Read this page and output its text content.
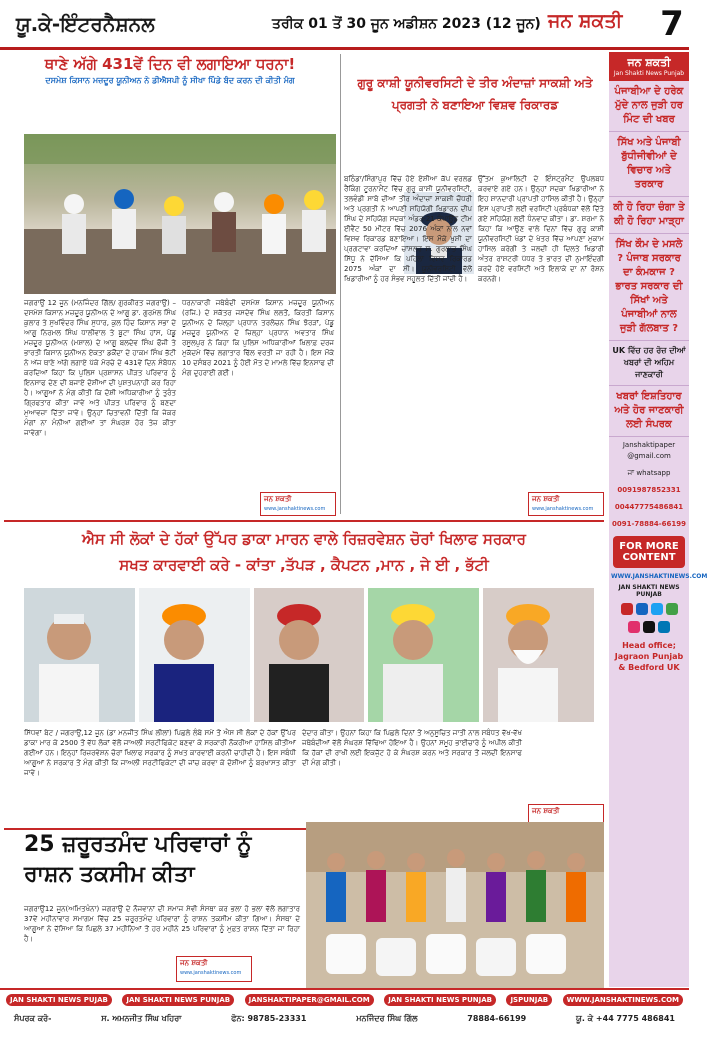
ਯੂ.ਕੇ-ਇੰਟਰਨੈਸ਼ਨਲ	ਤਰੀਕ 01 ਤੋਂ 30 ਜੂਨ ਅਡੀਸ਼ਨ 2023 (12 ਜੂਨ) ਜਨ ਸ਼ਕਤੀ 7
ਥਾਣੇ ਅੱਗੇ 431ਵੇਂ ਦਿਨ ਵੀ ਲਗਾਇਆ ਧਰਨਾ!
ਦਸਮੇਸ਼ ਕਿਸਾਨ ਮਜ਼ਦੂਰ ਯੂਨੀਅਨ ਨੇ ਡੀਐਸਪੀ ਨੂੰ ਸੀਖਾ ਪਿੰਡੇ ਬੰਦ ਕਰਨ ਦੀ ਕੀਤੀ ਮੰਗ
ਜਗਰਾਉਂ 12 ਜੂਨ (ਮਨਜਿੰਦਰ ਗਿੱਲ/ ਗੁਰਕੀਰਤ ਜਗਰਾਉਂ) – ਦਸਮੇਸ਼ ਕਿਸਾਨ ਮਜ਼ਦੂਰ ਯੂਨੀਅਨ ਦੇ ਆਗੂ ਡਾ. ਗੁਰਮੇਲ ਸਿੰਘ ਕੁਲਾਰ ਤੇ ਸੁਖਵਿੰਦਰ ਸਿੰਘ ਸੁਧਾਰ, ਕੁਲ ਹਿੰਦ ਕਿਸਾਨ ਸਭਾ ਦੇ ਆਗੂ ਨਿਰਮਲ ਸਿੰਘ ਧਾਲੀਵਾਲ ਤੇ ਬੂਟਾ ਸਿੰਘ ਹਾਂਸ, ਪੇਂਡੂ ਮਜ਼ਦੂਰ ਯੂਨੀਅਨ (ਮਸ਼ਾਲ) ਦੇ ਆਗੂ ਬਲਦੇਵ ਸਿੰਘ ਫੌਜੀ ਤੇ ਭਾਰਤੀ ਕਿਸਾਨ ਯੂਨੀਅਨ ਏਕਤਾ ਡਕੌਂਦਾ ਦੇ ਹਾਕਮ ਸਿੰਘ ਭੱਟੀ ਨੇ ਅੱਜ ਥਾਣੇ ਅੱਗੇ ਲਗਾਏ ਪੱਕੇ ਮੋਰਚੇ ਦੇ 431ਵੇਂ ਦਿਨ ਸੰਬੋਧਨ ਕਰਦਿਆਂ ਕਿਹਾ ਕਿ ਪੁਲਿਸ ਪ੍ਰਸ਼ਾਸਨ ਪੀੜਤ ਪਰਿਵਾਰ ਨੂੰ ਇਨਸਾਫ ਦੇਣ ਦੀ ਬਜਾਏ ਦੋਸ਼ੀਆਂ ਦੀ ਪੁਸ਼ਤਪਨਾਹੀ ਕਰ ਰਿਹਾ ਹੈ। ਆਗੂਆਂ ਨੇ ਮੰਗ ਕੀਤੀ ਕਿ ਦੋਸ਼ੀ ਅਧਿਕਾਰੀਆਂ ਨੂੰ ਤੁਰੰਤ ਗ੍ਰਿਫਤਾਰ ਕੀਤਾ ਜਾਵੇ ਅਤੇ ਪੀੜਤ ਪਰਿਵਾਰ ਨੂੰ ਬਣਦਾ ਮੁਆਵਜ਼ਾ ਦਿੱਤਾ ਜਾਵੇ। ਉਨ੍ਹਾਂ ਚਿਤਾਵਨੀ ਦਿੱਤੀ ਕਿ ਜੇਕਰ ਮੰਗਾਂ ਨਾ ਮੰਨੀਆਂ ਗਈਆਂ ਤਾਂ ਸੰਘਰਸ਼ ਹੋਰ ਤੇਜ਼ ਕੀਤਾ ਜਾਵੇਗਾ।
ਧਰਨਾਕਾਰੀ ਜਥੇਬੰਦੀ ਦਸਮੇਸ਼ ਕਿਸਾਨ ਮਜ਼ਦੂਰ ਯੂਨੀਅਨ (ਰਜਿ.) ਦੇ ਸਕੱਤਰ ਜਸਦੇਵ ਸਿੰਘ ਲਲਤੋਂ, ਕਿਰਤੀ ਕਿਸਾਨ ਯੂਨੀਅਨ ਦੇ ਜ਼ਿਲ੍ਹਾ ਪ੍ਰਧਾਨ ਤਰਲੋਚਨ ਸਿੰਘ ਝੋਰੜਾਂ, ਪੇਂਡੂ ਮਜ਼ਦੂਰ ਯੂਨੀਅਨ ਦੇ ਜ਼ਿਲ੍ਹਾ ਪ੍ਰਧਾਨ ਅਵਤਾਰ ਸਿੰਘ ਰਸੂਲਪੁਰ ਨੇ ਕਿਹਾ ਕਿ ਪੁਲਿਸ ਅਧਿਕਾਰੀਆਂ ਖ਼ਿਲਾਫ਼ ਦਰਜ ਮੁਕੱਦਮੇ ਵਿੱਚ ਲਗਾਤਾਰ ਢਿੱਲ ਵਰਤੀ ਜਾ ਰਹੀ ਹੈ। ਇਸ ਮੌਕੇ 10 ਦਸੰਬਰ 2021 ਨੂੰ ਹੋਈ ਮੌਤ ਦੇ ਮਾਮਲੇ ਵਿੱਚ ਇਨਸਾਫ ਦੀ ਮੰਗ ਦੁਹਰਾਈ ਗਈ।
ਗੁਰੂ ਕਾਸ਼ੀ ਯੂਨੀਵਰਸਿਟੀ ਦੇ ਤੀਰ ਅੰਦਾਜ਼ਾਂ ਸਾਕਸ਼ੀ ਅਤੇ ਪ੍ਰਗਤੀ ਨੇ ਬਣਾਇਆ ਵਿਸ਼ਵ ਰਿਕਾਰਡ
ਬਠਿੰਡਾ/ਸਿੰਗਾਪੁਰ ਵਿੱਚ ਹੋਏ ਏਸ਼ੀਆ ਕੱਪ ਵਰਲਡ ਰੈਂਕਿੰਗ ਟੂਰਨਾਮੈਂਟ ਵਿੱਚ ਗੁਰੂ ਕਾਸ਼ੀ ਯੂਨੀਵਰਸਿਟੀ, ਤਲਵੰਡੀ ਸਾਬੋ ਦੀਆਂ ਤੀਰ ਅੰਦਾਜ਼ਾਂ ਸਾਕਸ਼ੀ ਚੌਧਰੀ ਅਤੇ ਪ੍ਰਗਤੀ ਨੇ ਆਪਣੀ ਸਹਿਯੋਗੀ ਖਿਡਾਰਨ ਦੀਪ ਸਿੰਘ ਦੇ ਸਹਿਯੋਗ ਸਦਕਾ ਅੰਡਰ-21 ਕੰਪਾਊਂਡ ਟੀਮ ਈਵੈਂਟ 50 ਮੀਟਰ ਵਿੱਚ 2076 ਅੰਕਾਂ ਨਾਲ ਨਵਾਂ ਵਿਸ਼ਵ ਰਿਕਾਰਡ ਬਣਾਇਆ। ਇਸ ਮੌਕੇ ਖੁਸ਼ੀ ਦਾ ਪ੍ਰਗਟਾਵਾ ਕਰਦਿਆਂ ਚਾਂਸਲਰ ਸ. ਗੁਰਲਾਭ ਸਿੰਘ ਸਿੱਧੂ ਨੇ ਦੱਸਿਆ ਕਿ ਪਹਿਲਾਂ ਵਿਸ਼ਵ ਰਿਕਾਰਡ 2075 ਅੰਕਾਂ ਦਾ ਸੀ। ਯੂਨੀਵਰਸਿਟੀ ਵੱਲੋਂ ਖਿਡਾਰੀਆਂ ਨੂੰ ਹਰ ਸੰਭਵ ਸਹੂਲਤ ਦਿੱਤੀ ਜਾਂਦੀ ਹੈ।
ਉੱਤਮ ਕੁਆਲਿਟੀ ਦੇ ਇੰਸਟ੍ਰਮੈਂਟ ਉਪਲਬਧ ਕਰਵਾਏ ਗਏ ਹਨ। ਉਨ੍ਹਾਂ ਸਦਕਾ ਖਿਡਾਰੀਆਂ ਨੇ ਇਹ ਸ਼ਾਨਦਾਰੀ ਪ੍ਰਾਪਤੀ ਹਾਸਿਲ ਕੀਤੀ ਹੈ। ਉਨ੍ਹਾਂ ਇਸ ਪ੍ਰਾਪਤੀ ਲਈ ਵਰਸਿਟੀ ਪ੍ਰਬੰਧਕਾਂ ਵੱਲੋਂ ਦਿੱਤੇ ਗਏ ਸਹਿਯੋਗ ਲਈ ਧੰਨਵਾਦ ਕੀਤਾ। ਡਾ. ਸ਼ਰਮਾ ਨੇ ਕਿਹਾ ਕਿ ਆਉਣ ਵਾਲੇ ਦਿਨਾਂ ਵਿੱਚ ਗੁਰੂ ਕਾਸ਼ੀ ਯੂਨੀਵਰਸਿਟੀ ਖੇਡਾਂ ਦੇ ਖੇਤਰ ਵਿੱਚ ਆਪਣਾ ਮੁਕਾਮ ਹਾਸਿਲ ਕਰੇਗੀ ਤੇ ਜਲਦੀ ਹੀ ਦਿਲਤੇ ਖਿਡਾਰੀ ਅੰਤਰ ਰਾਸ਼ਟਰੀ ਪੱਧਰ ਤੇ ਭਾਰਤ ਦੀ ਨੁਮਾਇੰਦਗੀ ਕਰਦੇ ਹੋਏ ਵਰਸਿਟੀ ਅਤੇ ਇਲਾਕੇ ਦਾ ਨਾਂ ਰੋਸ਼ਨ ਕਰਨਗੇ।
ਜਨ ਸ਼ਕਤੀ
www.janshaktinews.com
ਜਨ ਸ਼ਕਤੀ
www.janshaktinews.com
ਐਸ ਸੀ ਲੋਕਾਂ ਦੇ ਹੱਕਾਂ ਉੱਪਰ ਡਾਕਾ ਮਾਰਨ ਵਾਲੇ ਰਿਜ਼ਰਵੇਸ਼ਨ ਚੋਰਾਂ ਖਿਲਾਫ ਸਰਕਾਰ
ਸਖਤ ਕਾਰਵਾਈ ਕਰੇ - ਕਾਂਤਾ ,ਤੱਪੜ , ਕੈਪਟਨ ,ਮਾਨ , ਜੇ ਈ , ਭੱਟੀ
ਸਿੱਧਵਾਂ ਬੇਟ / ਜਗਰਾਉਂ,12 ਜੂਨ (ਡਾ ਮਨਜੀਤ ਸਿੰਘ ਲੀਲਾਂ) ਪਿਛਲੇ ਲੰਬੇ ਸਮੇਂ ਤੋਂ ਐਸ ਸੀ ਲੋਕਾਂ ਦੇ ਹੱਕਾਂ ਉੱਪਰ ਡਾਕਾ ਮਾਰ ਕੇ 2500 ਤੋਂ ਵੱਧ ਲੋਕਾਂ ਵੱਲੋਂ ਜਾਅਲੀ ਸਰਟੀਫਿਕੇਟ ਬਣਵਾ ਕੇ ਸਰਕਾਰੀ ਨੌਕਰੀਆਂ ਹਾਸਿਲ ਕੀਤੀਆਂ ਗਈਆਂ ਹਨ। ਇਨ੍ਹਾਂ ਰਿਜ਼ਰਵੇਸ਼ਨ ਚੋਰਾਂ ਖਿਲਾਫ ਸਰਕਾਰ ਨੂੰ ਸਖਤ ਕਾਰਵਾਈ ਕਰਨੀ ਚਾਹੀਦੀ ਹੈ। ਇਸ ਸਬੰਧੀ ਆਗੂਆਂ ਨੇ ਸਰਕਾਰ ਤੋਂ ਮੰਗ ਕੀਤੀ ਕਿ ਜਾਅਲੀ ਸਰਟੀਫਿਕੇਟਾਂ ਦੀ ਜਾਂਚ ਕਰਵਾ ਕੇ ਦੋਸ਼ੀਆਂ ਨੂੰ ਬਰਖਾਸਤ ਕੀਤਾ ਜਾਵੇ।
ਦੇਦਾਰ ਕੀਤਾ। ਉਹਨਾਂ ਕਿਹਾ ਕਿ ਪਿਛਲੇ ਦਿਨਾਂ ਤੋਂ ਅਨੁਸੂਚਿਤ ਜਾਤੀ ਨਾਲ ਸਬੰਧਤ ਵੱਖ-ਵੱਖ ਜਥੇਬੰਦੀਆਂ ਵੱਲੋਂ ਸੰਘਰਸ਼ ਵਿੱਢਿਆ ਹੋਇਆ ਹੈ। ਉਹਨਾਂ ਸਮੂਹ ਭਾਈਚਾਰੇ ਨੂੰ ਅਪੀਲ ਕੀਤੀ ਕਿ ਹੱਕਾਂ ਦੀ ਰਾਖੀ ਲਈ ਇਕਜੁੱਟ ਹੋ ਕੇ ਸੰਘਰਸ਼ ਕਰਨ ਅਤੇ ਸਰਕਾਰ ਤੋਂ ਜਲਦੀ ਇਨਸਾਫ ਦੀ ਮੰਗ ਕੀਤੀ।
ਜਨ ਸ਼ਕਤੀ
25 ਜ਼ਰੂਰਤਮੰਦ ਪਰਿਵਾਰਾਂ ਨੂੰ ਰਾਸ਼ਨ ਤਕਸੀਮ ਕੀਤਾ
ਜਗਰਾਉਂ12 ਜੂਨ(ਅਮਿਤਖੰਨਾ) ਜਗਰਾਉਂ ਦੇ ਨੌਜਵਾਨਾਂ ਦੀ ਸਮਾਜ ਸੇਵੀ ਸੰਸਥਾ ਕਰ ਭਲਾ ਹੋ ਭਲਾ ਵੱਲੋਂ ਲਗਾਤਾਰ 37ਵੇਂ ਮਹੀਨਾਵਾਰ ਸਮਾਗਮ ਵਿੱਚ 25 ਜ਼ਰੂਰਤਮੰਦ ਪਰਿਵਾਰਾਂ ਨੂੰ ਰਾਸ਼ਨ ਤਕਸੀਮ ਕੀਤਾ ਗਿਆ। ਸੰਸਥਾ ਦੇ ਆਗੂਆਂ ਨੇ ਦੱਸਿਆ ਕਿ ਪਿਛਲੇ 37 ਮਹੀਨਿਆਂ ਤੋਂ ਹਰ ਮਹੀਨੇ 25 ਪਰਿਵਾਰਾਂ ਨੂੰ ਮੁਫ਼ਤ ਰਾਸ਼ਨ ਦਿੱਤਾ ਜਾ ਰਿਹਾ ਹੈ।
ਜਨ ਸ਼ਕਤੀ
www.janshaktinews.com
ਜਨ ਸ਼ਕਤੀ
Jan Shakti News Punjab
ਪੰਜਾਬੀਆ ਦੇ ਹਰੇਕ ਮੁੱਦੇ ਨਾਲ ਜੁੜੀ ਹਰ ਮਿੰਟ ਦੀ ਖਬਰ
ਸਿੱਖ ਅਤੇ ਪੰਜਾਬੀ ਬੁੱਧੀਜੀਵੀਆਂ ਦੇ ਵਿਚਾਰ ਅਤੇ ਤਰਕਾਰ
ਕੀ ਹੋ ਰਿਹਾ ਚੰਗਾ ਤੇ ਕੀ ਹੋ ਰਿਹਾ ਮਾੜ੍ਹਾ
ਸਿੱਖ ਕੌਮ ਦੇ ਮਸਲੇ ? ਪੰਜਾਬ ਸਰਕਾਰ ਦਾ ਕੰਮਕਾਜ ? ਭਾਰਤ ਸਰਕਾਰ ਦੀ ਸਿੱਖਾਂ ਅਤੇ ਪੰਜਾਬੀਆਂ ਨਾਲ ਜੁੜੀ ਗੱਲਬਾਤ ?
UK ਵਿੱਚ ਹਰ ਰੋਜ਼ ਦੀਆਂ ਖਬਰਾਂ ਦੀ ਅਹਿਮ ਜਾਣਕਾਰੀ
ਖਬਰਾਂ ਇਸ਼ਤਿਹਾਰ ਅਤੇ ਹੋਰ ਜਾਣਕਾਰੀ ਲਈ ਸੰਪਰਕ
Janshaktipaper @gmail.com
ਜਾਂ whatsapp
0091987852331
00447775486841
0091-78884-66199
FOR MORE CONTENT
WWW.JANSHAKTINEWS.COM
JAN SHAKTI NEWS PUNJAB
Head office; Jagraon Punjab & Bedford UK
JAN SHAKTI NEWS PUJAB	JAN SHAKTI NEWS PUNJAB	JANSHAKTIPAPER@GMAIL.COM	JAN SHAKTI NEWS PUNJAB	JSPUNJAB	WWW.JANSHAKTINEWS.COM
ਸੰਪਰਕ ਕਰੋ-	ਸ. ਅਮਨਜੀਤ ਸਿੰਘ ਖਹਿਰਾ	ਫੋਨ: 98785-23331	ਮਨਜਿੰਦਰ ਸਿੰਘ ਗਿੱਲ	78884-66199	ਯੂ. ਕੇ +44 7775 486841
